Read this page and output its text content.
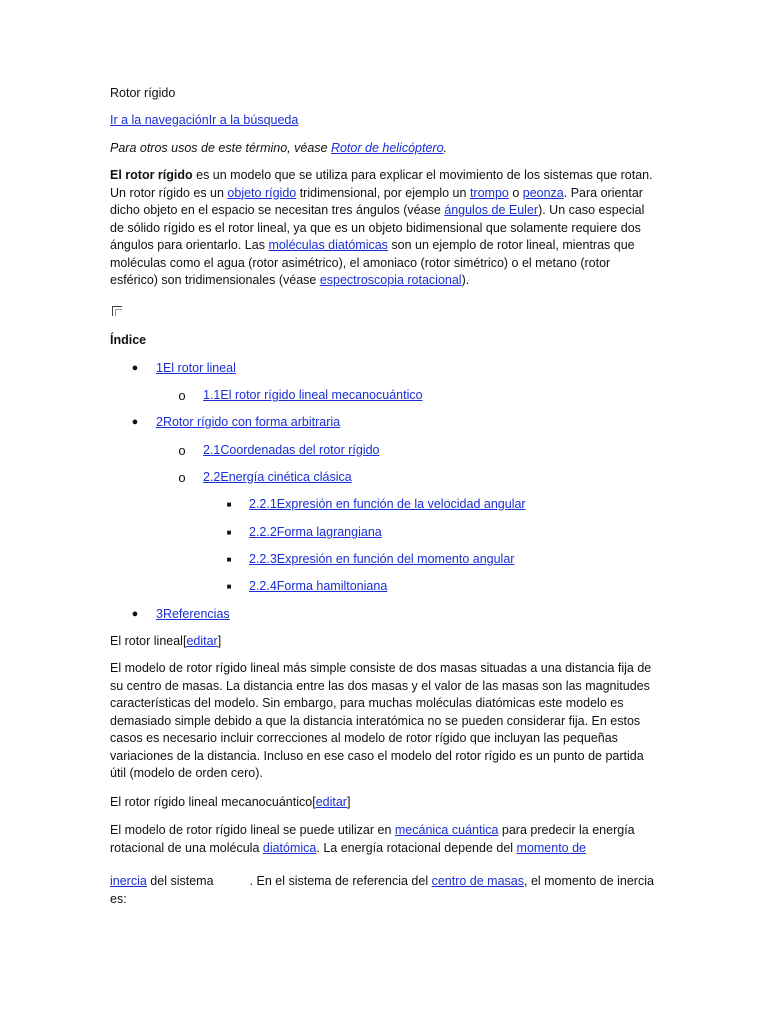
Rotor rígido
Ir a la navegaciónIr a la búsqueda
Para otros usos de este término, véase Rotor de helicóptero.

El rotor rígido es un modelo que se utiliza para explicar el movimiento de los sistemas que rotan. Un rotor rígido es un objeto rígido tridimensional, por ejemplo un trompo o peonza. Para orientar dicho objeto en el espacio se necesitan tres ángulos (véase ángulos de Euler). Un caso especial de sólido rígido es el rotor lineal, ya que es un objeto bidimensional que solamente requiere dos ángulos para orientarlo. Las moléculas diatómicas son un ejemplo de rotor lineal, mientras que moléculas como el agua (rotor asimétrico), el amoniaco (rotor simétrico) o el metano (rotor esférico) son tridimensionales (véase espectroscopia rotacional).

Índice
● 1El rotor lineal
o 1.1El rotor rígido lineal mecanocuántico
● 2Rotor rígido con forma arbitraria
o 2.1Coordenadas del rotor rígido
o 2.2Energía cinética clásica
■ 2.2.1Expresión en función de la velocidad angular
■ 2.2.2Forma lagrangiana
■ 2.2.3Expresión en función del momento angular
■ 2.2.4Forma hamiltoniana
● 3Referencias
El rotor lineal[editar]

El modelo de rotor rígido lineal más simple consiste de dos masas situadas a una distancia fija de su centro de masas. La distancia entre las dos masas y el valor de las masas son las magnitudes características del modelo. Sin embargo, para muchas moléculas diatómicas este modelo es demasiado simple debido a que la distancia interatómica no se pueden considerar fija. En estos casos es necesario incluir correcciones al modelo de rotor rígido que incluyan las pequeñas variaciones de la distancia. Incluso en ese caso el modelo del rotor rígido es un punto de partida útil (modelo de orden cero).

El rotor rígido lineal mecanocuántico[editar]

El modelo de rotor rígido lineal se puede utilizar en mecánica cuántica para predecir la energía rotacional de una molécula diatómica. La energía rotacional depende del momento de

inercia del sistema	. En el sistema de referencia del centro de masas, el momento de inercia es:
